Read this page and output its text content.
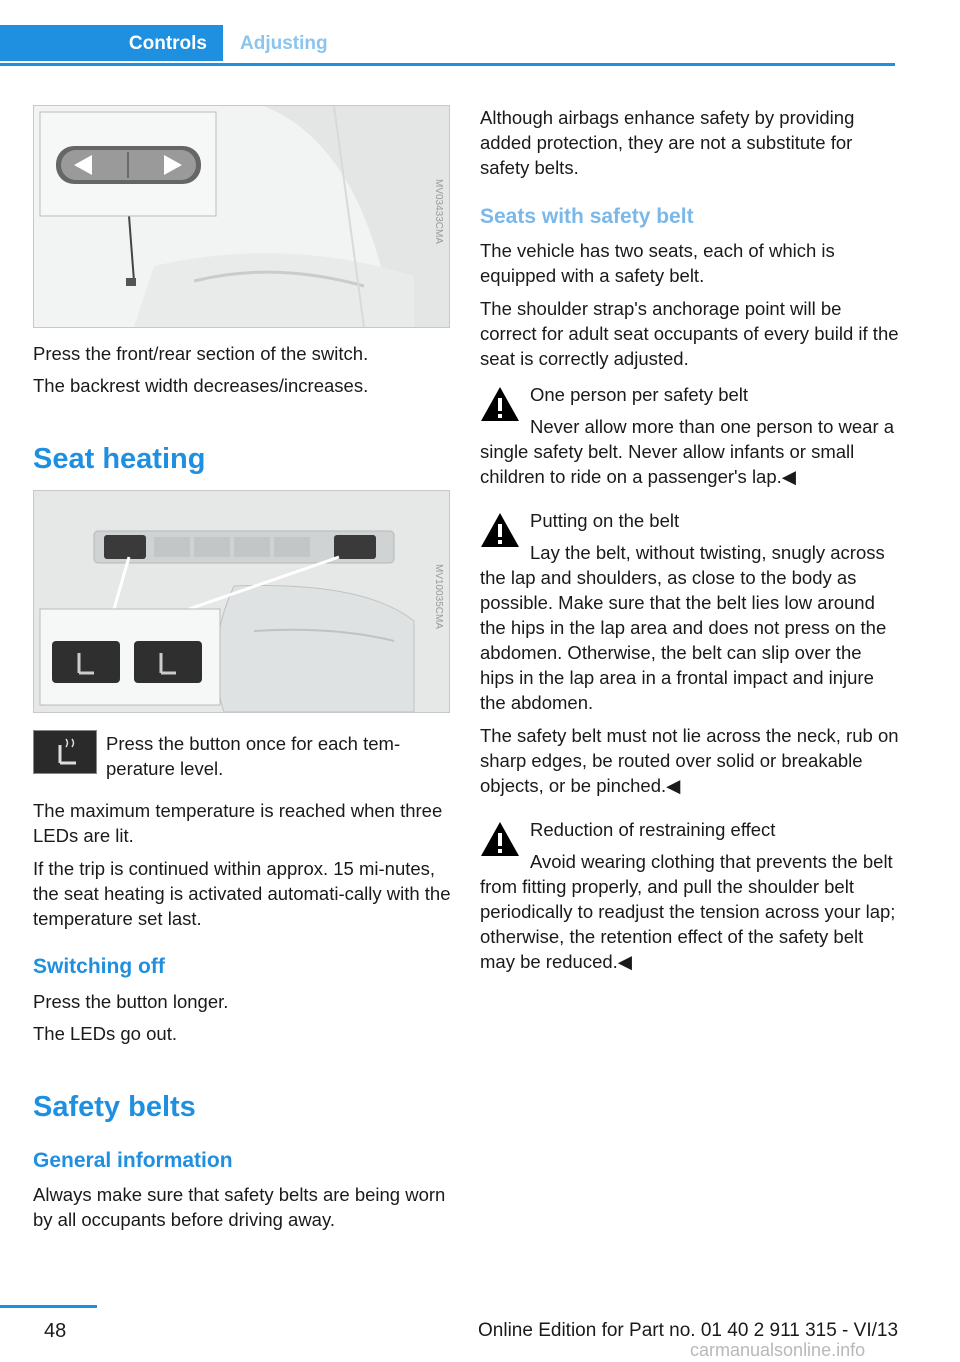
Controls Adjusting
MV03433CMA

Press the front/rear section of the switch.

The backrest width decreases/increases.

Seat heating
MV10035CMA

Press the button once for each tem-perature level.

The maximum temperature is reached when three LEDs are lit.

If the trip is continued within approx. 15 mi-nutes, the seat heating is activated automati-cally with the temperature set last.

Switching off

Press the button longer.

The LEDs go out.

Safety belts
General information

Always make sure that safety belts are being worn by all occupants before driving away.

Although airbags enhance safety by providing added protection, they are not a substitute for safety belts.

Seats with safety belt

The vehicle has two seats, each of which is equipped with a safety belt.

The shoulder strap's anchorage point will be correct for adult seat occupants of every build if the seat is correctly adjusted.

One person per safety belt

Never allow more than one person to wear a single safety belt. Never allow infants or small children to ride on a passenger's lap.◀

Putting on the belt

Lay the belt, without twisting, snugly across the lap and shoulders, as close to the body as possible. Make sure that the belt lies low around the hips in the lap area and does not press on the abdomen. Otherwise, the belt can slip over the hips in the lap area in a frontal impact and injure the abdomen.

The safety belt must not lie across the neck, rub on sharp edges, be routed over solid or breakable objects, or be pinched.◀

Reduction of restraining effect

Avoid wearing clothing that prevents the belt from fitting properly, and pull the shoulder belt periodically to readjust the tension across your lap; otherwise, the retention effect of the safety belt may be reduced.◀

48	Online Edition for Part no. 01 40 2 911 315 - VI/13
carmanualsonline.info
